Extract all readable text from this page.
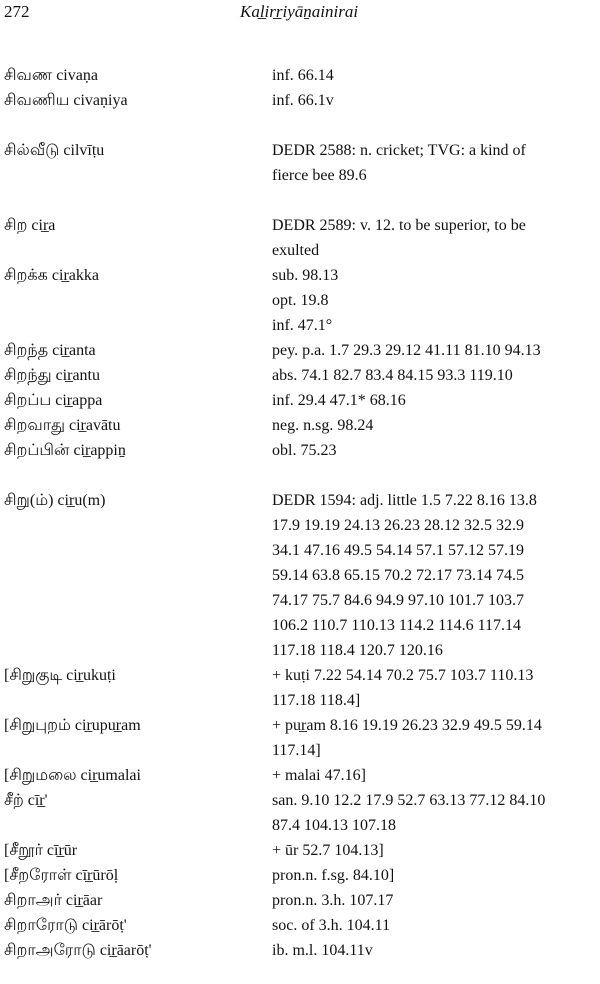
272	Kal̲irr̲iyāṉainirai
சிவண civaṇa	inf. 66.14
சிவணிய civaṇiya	inf. 66.1v
சில்வீடு cilvīṭu	DEDR 2588: n. cricket; TVG: a kind of
fierce bee 89.6
சிற cir̲a	DEDR 2589: v. 12. to be superior, to be
exulted
சிறக்க cir̲akka	sub. 98.13
opt. 19.8
inf. 47.1°
சிறந்த cir̲anta	pey. p.a. 1.7 29.3 29.12 41.11 81.10 94.13
சிறந்து cir̲antu	abs. 74.1 82.7 83.4 84.15 93.3 119.10
சிறப்ப cir̲appa	inf. 29.4 47.1* 68.16
சிறவாது cir̲avātu	neg. n.sg. 98.24
சிறப்பின் cir̲appiṉ	obl. 75.23
சிறு(ம்) cir̲u(m)	DEDR 1594: adj. little 1.5 7.22 8.16 13.8
17.9 19.19 24.13 26.23 28.12 32.5 32.9
34.1 47.16 49.5 54.14 57.1 57.12 57.19
59.14 63.8 65.15 70.2 72.17 73.14 74.5
74.17 75.7 84.6 94.9 97.10 101.7 103.7
106.2 110.7 110.13 114.2 114.6 117.14
117.18 118.4 120.7 120.16
[சிறுகுடி cir̲ukuṭi	+ kuṭi 7.22 54.14 70.2 75.7 103.7 110.13
117.18 118.4]
[சிறுபுறம் cir̲upur̲am	+ pur̲am 8.16 19.19 26.23 32.9 49.5 59.14
117.14]
[சிறுமலை cir̲umalai	+ malai 47.16]
சீற் cīr̲'	san. 9.10 12.2 17.9 52.7 63.13 77.12 84.10
87.4 104.13 107.18
[சீறூர் cīr̲ūr	+ ūr 52.7 104.13]
[சீறரோள் cīr̲ūrōḷ	pron.n. f.sg. 84.10]
சிறாஅர் cir̲āar	pron.n. 3.h. 107.17
சிறாரோடு cir̲ārōṭ'	soc. of 3.h. 104.11
சிறாஅரோடு cir̲āarōṭ'	ib. m.l. 104.11v
